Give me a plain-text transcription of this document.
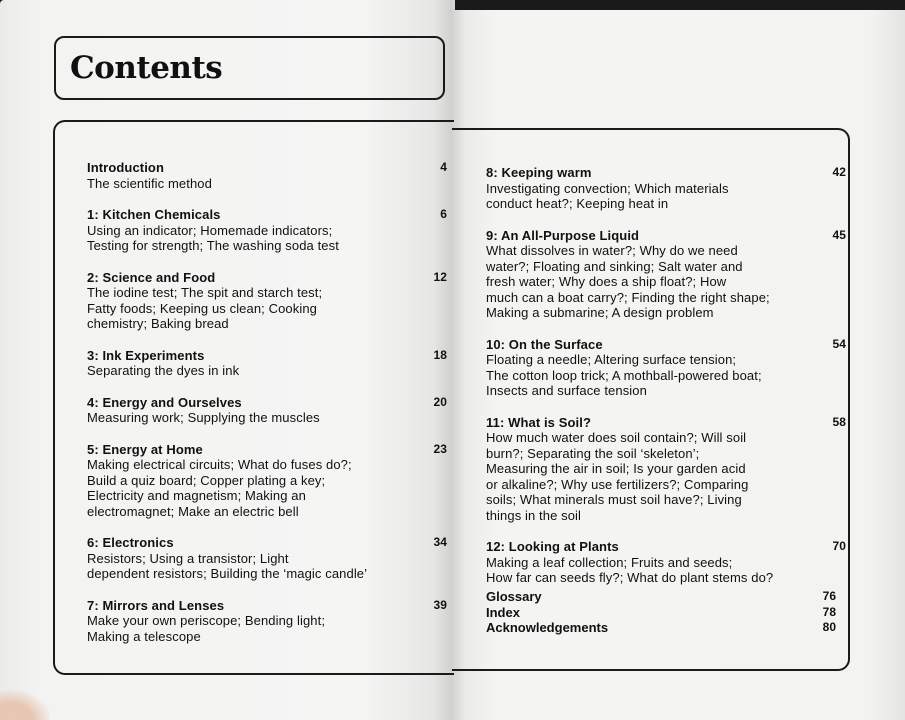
Contents
Introduction	4
The scientific method
1: Kitchen Chemicals	6
Using an indicator; Homemade indicators;
Testing for strength; The washing soda test
2: Science and Food	12
The iodine test; The spit and starch test;
Fatty foods; Keeping us clean; Cooking
chemistry; Baking bread
3: Ink Experiments	18
Separating the dyes in ink
4: Energy and Ourselves	20
Measuring work; Supplying the muscles
5: Energy at Home	23
Making electrical circuits; What do fuses do?;
Build a quiz board; Copper plating a key;
Electricity and magnetism; Making an
electromagnet; Make an electric bell
6: Electronics	34
Resistors; Using a transistor; Light
dependent resistors; Building the ‘magic candle’
7: Mirrors and Lenses	39
Make your own periscope; Bending light;
Making a telescope
8: Keeping warm	42
Investigating convection; Which materials
conduct heat?; Keeping heat in
9: An All-Purpose Liquid	45
What dissolves in water?; Why do we need
water?; Floating and sinking; Salt water and
fresh water; Why does a ship float?; How
much can a boat carry?; Finding the right shape;
Making a submarine; A design problem
10: On the Surface	54
Floating a needle; Altering surface tension;
The cotton loop trick; A mothball-powered boat;
Insects and surface tension
11: What is Soil?	58
How much water does soil contain?; Will soil
burn?; Separating the soil ‘skeleton’;
Measuring the air in soil; Is your garden acid
or alkaline?; Why use fertilizers?; Comparing
soils; What minerals must soil have?; Living
things in the soil
12: Looking at Plants	70
Making a leaf collection; Fruits and seeds;
How far can seeds fly?; What do plant stems do?
Glossary	76
Index	78
Acknowledgements	80
